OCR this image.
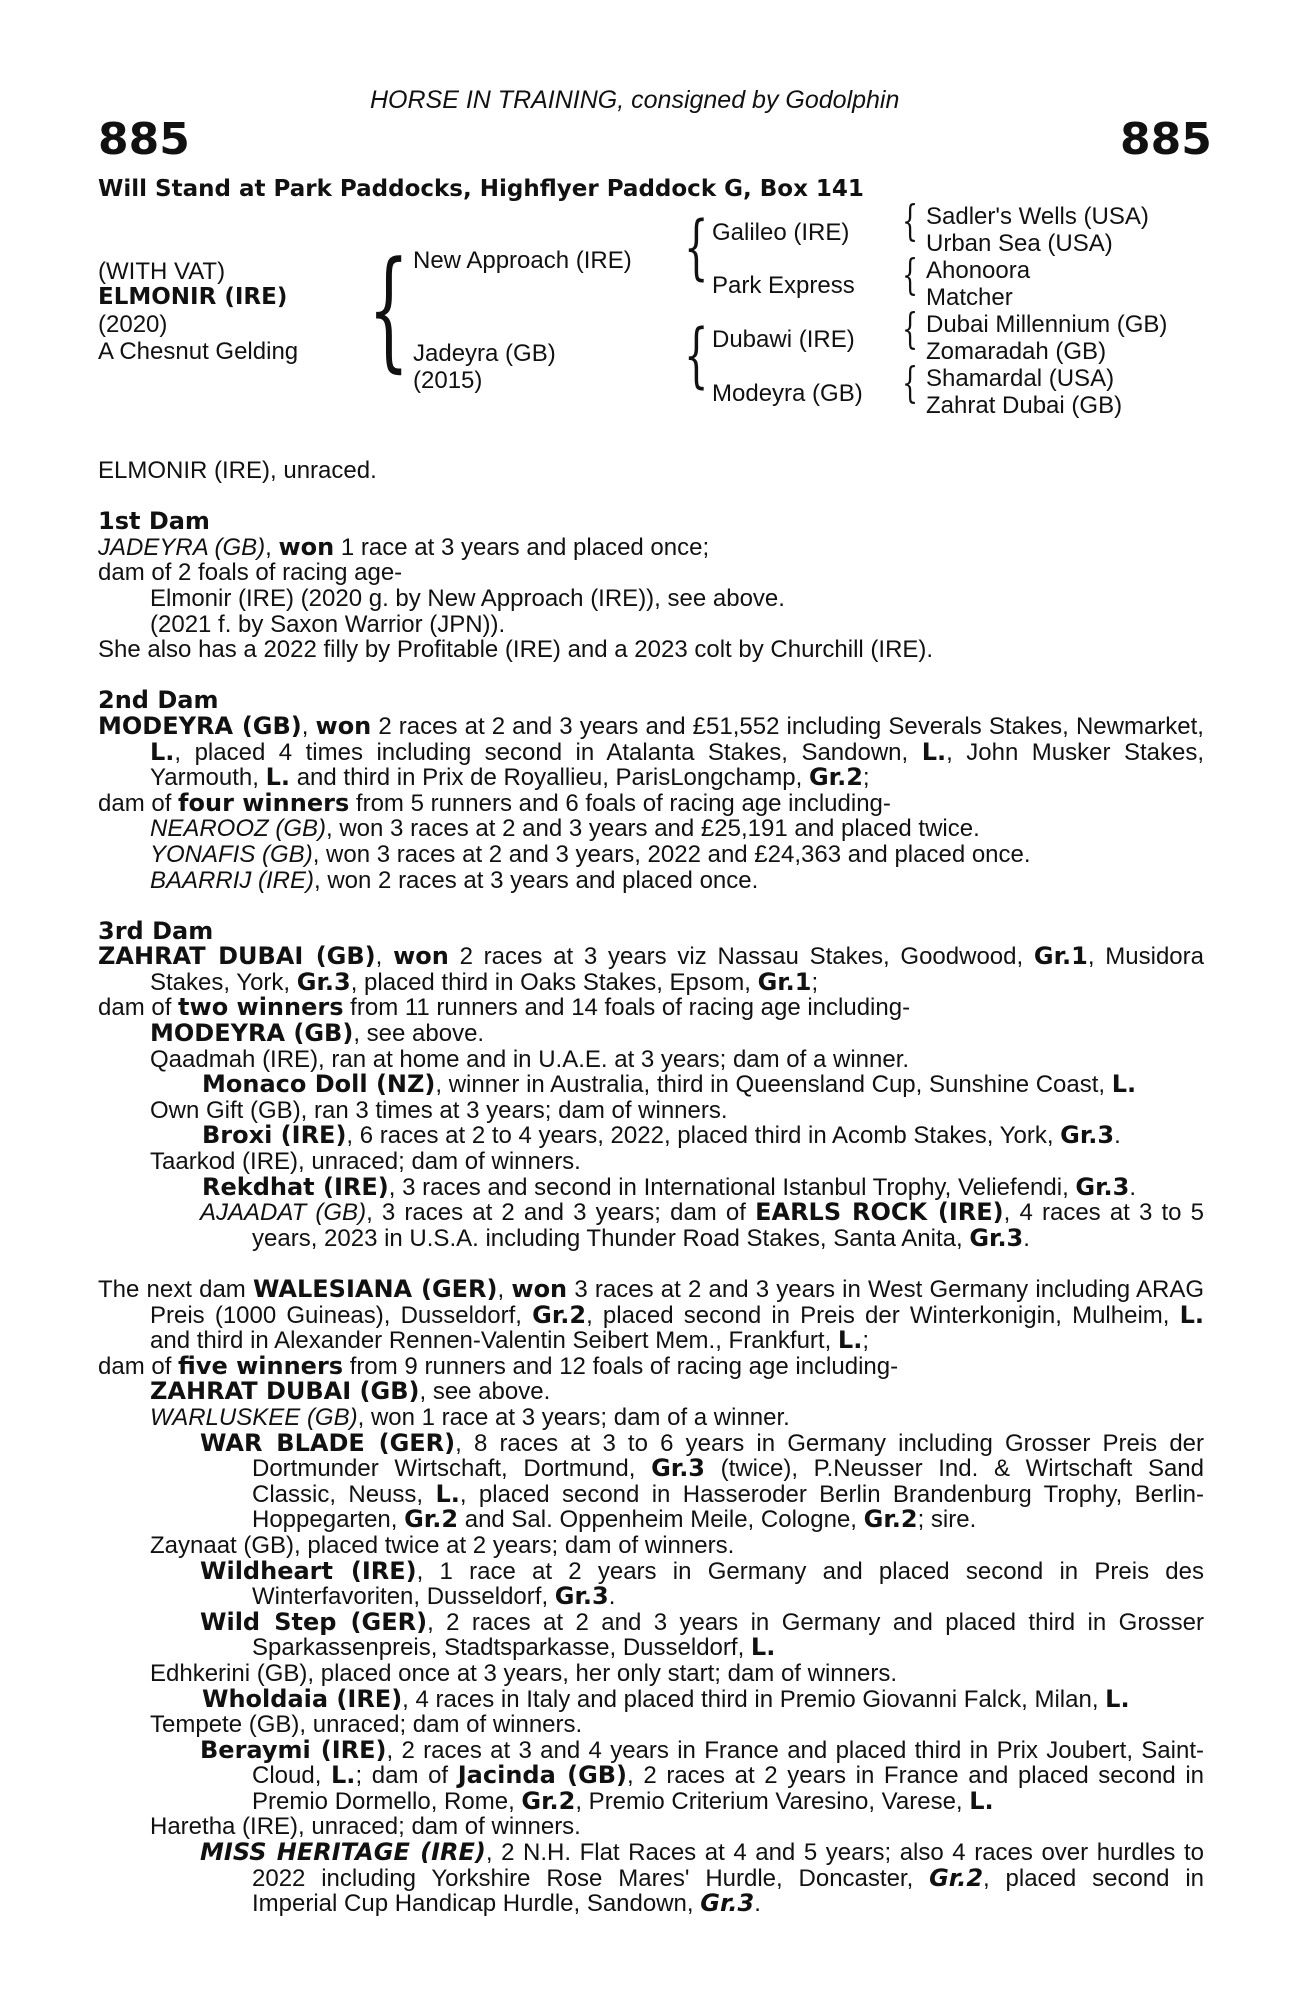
HORSE IN TRAINING, consigned by Godolphin
885	885
Will Stand at Park Paddocks, Highflyer Paddock G, Box 141
(WITH VAT)
ELMONIR (IRE)
(2020)
A Chesnut Gelding {	{
{
{
{
{
{
New Approach (IRE)
Jadeyra (GB)
(2015)
Galileo (IRE)
Park Express
Dubawi (IRE)
Modeyra (GB)
Sadler's Wells (USA)
Urban Sea (USA)
Ahonoora
Matcher
Dubai Millennium (GB)
Zomaradah (GB)
Shamardal (USA)
Zahrat Dubai (GB)
ELMONIR (IRE), unraced.
1st Dam
JADEYRA (GB), won 1 race at 3 years and placed once;
dam of 2 foals of racing age-
Elmonir (IRE) (2020 g. by New Approach (IRE)), see above.
(2021 f. by Saxon Warrior (JPN)).
She also has a 2022 filly by Profitable (IRE) and a 2023 colt by Churchill (IRE).
2nd Dam
MODEYRA (GB), won 2 races at 2 and 3 years and £51,552 including Severals Stakes, Newmarket, L., placed 4 times including second in Atalanta Stakes, Sandown, L., John Musker Stakes, Yarmouth, L. and third in Prix de Royallieu, ParisLongchamp, Gr.2;
dam of four winners from 5 runners and 6 foals of racing age including-
NEAROOZ (GB), won 3 races at 2 and 3 years and £25,191 and placed twice.
YONAFIS (GB), won 3 races at 2 and 3 years, 2022 and £24,363 and placed once.
BAARRIJ (IRE), won 2 races at 3 years and placed once.
3rd Dam
ZAHRAT DUBAI (GB), won 2 races at 3 years viz Nassau Stakes, Goodwood, Gr.1, Musidora Stakes, York, Gr.3, placed third in Oaks Stakes, Epsom, Gr.1;
dam of two winners from 11 runners and 14 foals of racing age including-
MODEYRA (GB), see above.
Qaadmah (IRE), ran at home and in U.A.E. at 3 years; dam of a winner.
Monaco Doll (NZ), winner in Australia, third in Queensland Cup, Sunshine Coast, L.
Own Gift (GB), ran 3 times at 3 years; dam of winners.
Broxi (IRE), 6 races at 2 to 4 years, 2022, placed third in Acomb Stakes, York, Gr.3.
Taarkod (IRE), unraced; dam of winners.
Rekdhat (IRE), 3 races and second in International Istanbul Trophy, Veliefendi, Gr.3.
AJAADAT (GB), 3 races at 2 and 3 years; dam of EARLS ROCK (IRE), 4 races at 3 to 5 years, 2023 in U.S.A. including Thunder Road Stakes, Santa Anita, Gr.3.
The next dam WALESIANA (GER), won 3 races at 2 and 3 years in West Germany including ARAG Preis (1000 Guineas), Dusseldorf, Gr.2, placed second in Preis der Winterkonigin, Mulheim, L. and third in Alexander Rennen-Valentin Seibert Mem., Frankfurt, L.;
dam of five winners from 9 runners and 12 foals of racing age including-
ZAHRAT DUBAI (GB), see above.
WARLUSKEE (GB), won 1 race at 3 years; dam of a winner.
WAR BLADE (GER), 8 races at 3 to 6 years in Germany including Grosser Preis der Dortmunder Wirtschaft, Dortmund, Gr.3 (twice), P.Neusser Ind. & Wirtschaft Sand Classic, Neuss, L., placed second in Hasseroder Berlin Brandenburg Trophy, Berlin-Hoppegarten, Gr.2 and Sal. Oppenheim Meile, Cologne, Gr.2; sire.
Zaynaat (GB), placed twice at 2 years; dam of winners.
Wildheart (IRE), 1 race at 2 years in Germany and placed second in Preis des Winterfavoriten, Dusseldorf, Gr.3.
Wild Step (GER), 2 races at 2 and 3 years in Germany and placed third in Grosser Sparkassenpreis, Stadtsparkasse, Dusseldorf, L.
Edhkerini (GB), placed once at 3 years, her only start; dam of winners.
Wholdaia (IRE), 4 races in Italy and placed third in Premio Giovanni Falck, Milan, L.
Tempete (GB), unraced; dam of winners.
Beraymi (IRE), 2 races at 3 and 4 years in France and placed third in Prix Joubert, Saint-Cloud, L.; dam of Jacinda (GB), 2 races at 2 years in France and placed second in Premio Dormello, Rome, Gr.2, Premio Criterium Varesino, Varese, L.
Haretha (IRE), unraced; dam of winners.
MISS HERITAGE (IRE), 2 N.H. Flat Races at 4 and 5 years; also 4 races over hurdles to 2022 including Yorkshire Rose Mares' Hurdle, Doncaster, Gr.2, placed second in Imperial Cup Handicap Hurdle, Sandown, Gr.3.
